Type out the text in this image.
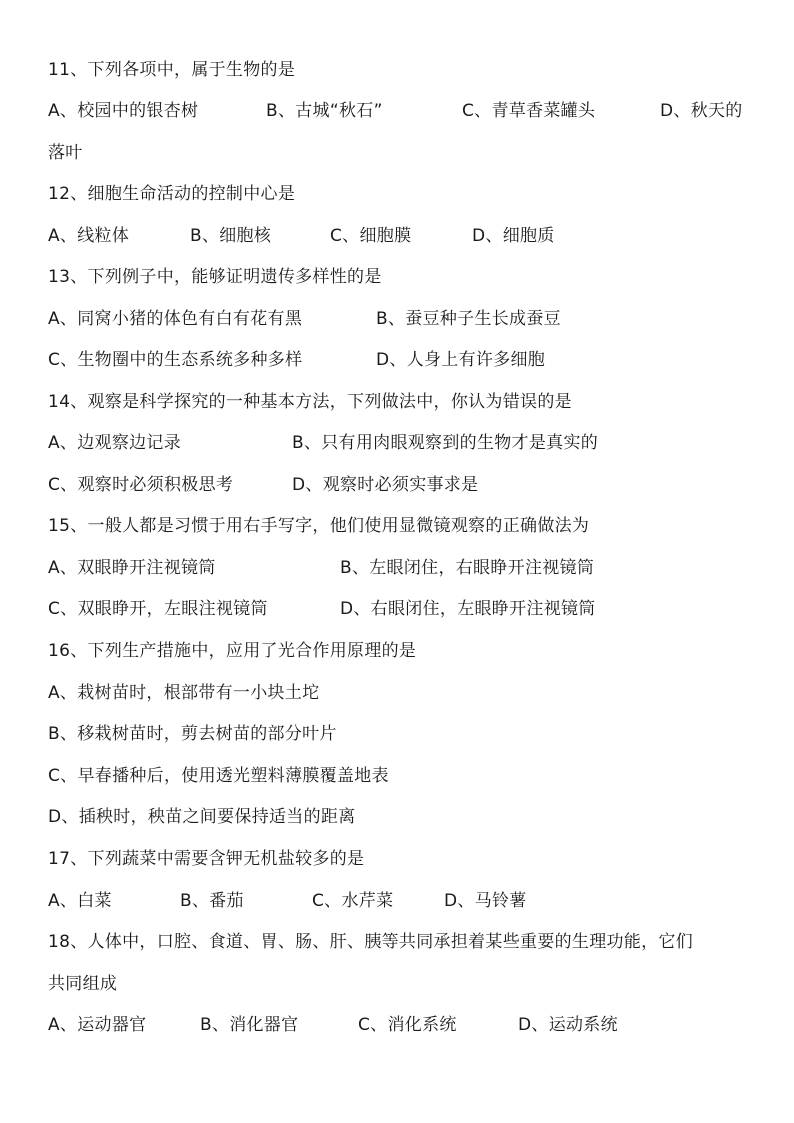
11、下列各项中，属于生物的是
A、校园中的银杏树	B、古城“秋石”	C、青草香菜罐头	D、秋天的
落叶
12、细胞生命活动的控制中心是
A、线粒体	B、细胞核	C、细胞膜	D、细胞质
13、下列例子中，能够证明遗传多样性的是
A、同窝小猪的体色有白有花有黑	B、蚕豆种子生长成蚕豆
C、生物圈中的生态系统多种多样	D、人身上有许多细胞
14、观察是科学探究的一种基本方法，下列做法中，你认为错误的是
A、边观察边记录	B、只有用肉眼观察到的生物才是真实的
C、观察时必须积极思考	D、观察时必须实事求是
15、一般人都是习惯于用右手写字，他们使用显微镜观察的正确做法为
A、双眼睁开注视镜筒	B、左眼闭住，右眼睁开注视镜筒
C、双眼睁开，左眼注视镜筒	D、右眼闭住，左眼睁开注视镜筒
16、下列生产措施中，应用了光合作用原理的是
A、栽树苗时，根部带有一小块土坨
B、移栽树苗时，剪去树苗的部分叶片
C、早春播种后，使用透光塑料薄膜覆盖地表
D、插秧时，秧苗之间要保持适当的距离
17、下列蔬菜中需要含钾无机盐较多的是
A、白菜	B、番茄	C、水芹菜	D、马铃薯
18、人体中，口腔、食道、胃、肠、肝、胰等共同承担着某些重要的生理功能，它们
共同组成
A、运动器官	B、消化器官	C、消化系统	D、运动系统
